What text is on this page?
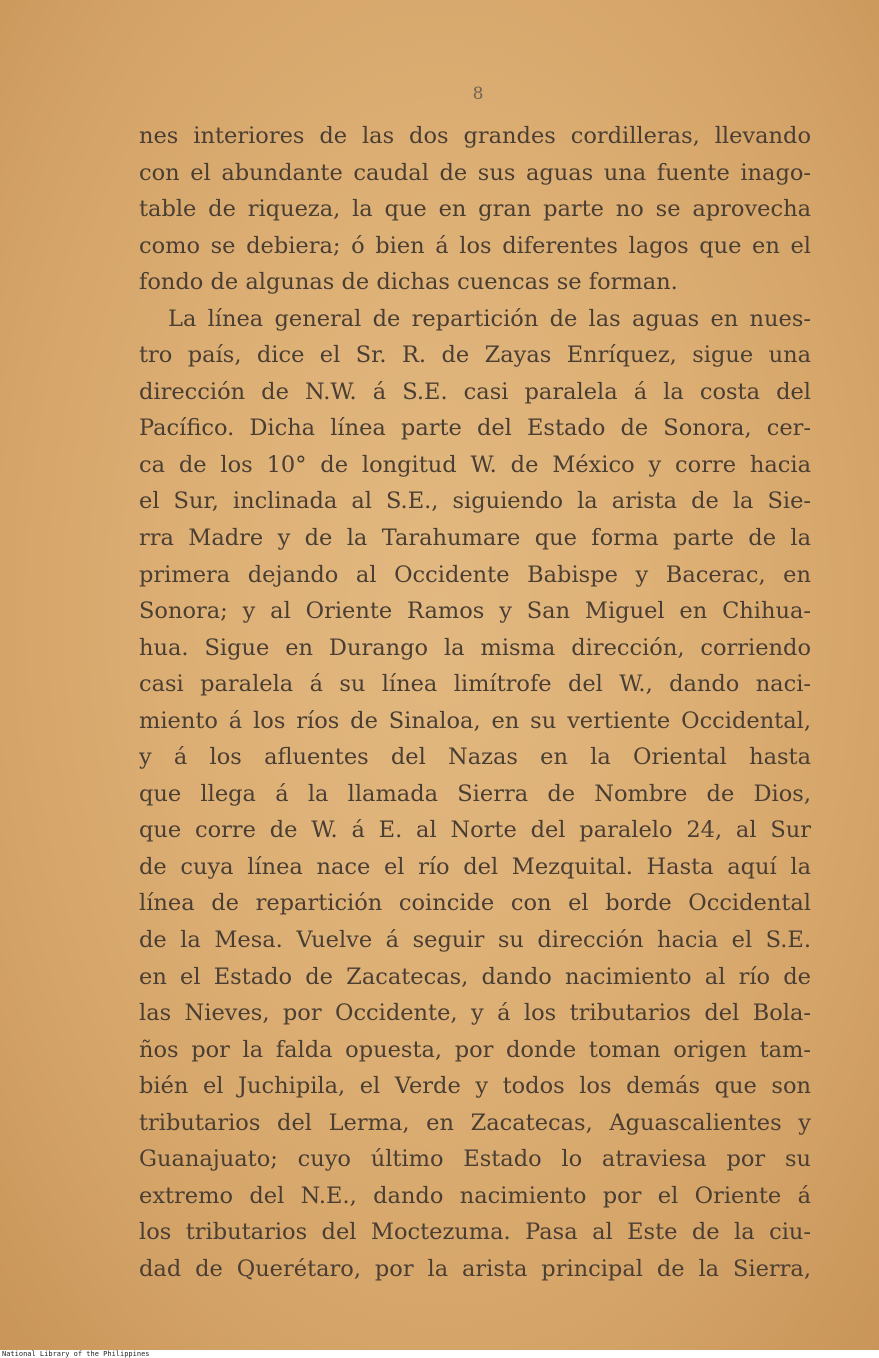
8
nes interiores de las dos grandes cordilleras, llevando
con el abundante caudal de sus aguas una fuente inago-
table de riqueza, la que en gran parte no se aprovecha
como se debiera; ó bien á los diferentes lagos que en el
fondo de algunas de dichas cuencas se forman.
La línea general de repartición de las aguas en nues-
tro país, dice el Sr. R. de Zayas Enríquez, sigue una
dirección de N.W. á S.E. casi paralela á la costa del
Pacífico. Dicha línea parte del Estado de Sonora, cer-
ca de los 10° de longitud W. de México y corre hacia
el Sur, inclinada al S.E., siguiendo la arista de la Sie-
rra Madre y de la Tarahumare que forma parte de la
primera dejando al Occidente Babispe y Bacerac, en
Sonora; y al Oriente Ramos y San Miguel en Chihua-
hua. Sigue en Durango la misma dirección, corriendo
casi paralela á su línea limítrofe del W., dando naci-
miento á los ríos de Sinaloa, en su vertiente Occidental,
y á los afluentes del Nazas en la Oriental hasta
que llega á la llamada Sierra de Nombre de Dios,
que corre de W. á E. al Norte del paralelo 24, al Sur
de cuya línea nace el río del Mezquital. Hasta aquí la
línea de repartición coincide con el borde Occidental
de la Mesa. Vuelve á seguir su dirección hacia el S.E.
en el Estado de Zacatecas, dando nacimiento al río de
las Nieves, por Occidente, y á los tributarios del Bola-
ños por la falda opuesta, por donde toman origen tam-
bién el Juchipila, el Verde y todos los demás que son
tributarios del Lerma, en Zacatecas, Aguascalientes y
Guanajuato; cuyo último Estado lo atraviesa por su
extremo del N.E., dando nacimiento por el Oriente á
los tributarios del Moctezuma. Pasa al Este de la ciu-
dad de Querétaro, por la arista principal de la Sierra,
National Library of the Philippines
